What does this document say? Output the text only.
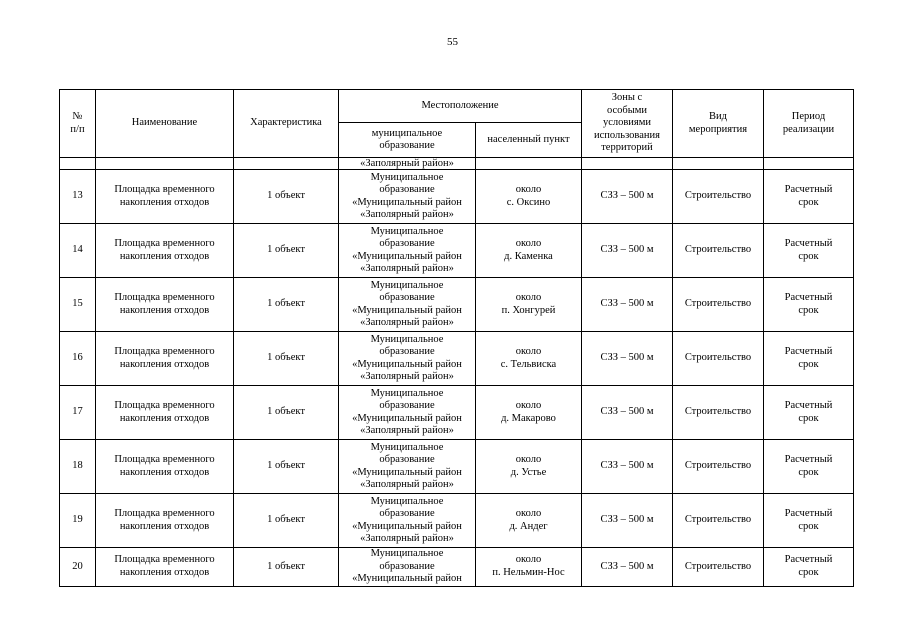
55
№
п/п	Наименование	Характеристика	Местоположение		Зоны с
особыми
условиями
использования
территорий	Вид
мероприятия	Период
реализации

			муниципальное
образование	населенный пункт			
			«Заполярный район»				
13	Площадка временного
накопления отходов	1 объект	Муниципальное
образование
«Муниципальный район
«Заполярный район»	около
с. Оксино	СЗЗ – 500 м	Строительство	Расчетный
срок

14	Площадка временного
накопления отходов	1 объект	Муниципальное
образование
«Муниципальный район
«Заполярный район»	около
д. Каменка	СЗЗ – 500 м	Строительство	Расчетный
срок

15	Площадка временного
накопления отходов	1 объект	Муниципальное
образование
«Муниципальный район
«Заполярный район»	около
п. Хонгурей	СЗЗ – 500 м	Строительство	Расчетный
срок

16	Площадка временного
накопления отходов	1 объект	Муниципальное
образование
«Муниципальный район
«Заполярный район»	около
с. Тельвиска	СЗЗ – 500 м	Строительство	Расчетный
срок

17	Площадка временного
накопления отходов	1 объект	Муниципальное
образование
«Муниципальный район
«Заполярный район»	около
д. Макарово	СЗЗ – 500 м	Строительство	Расчетный
срок

18	Площадка временного
накопления отходов	1 объект	Муниципальное
образование
«Муниципальный район
«Заполярный район»	около
д. Устье	СЗЗ – 500 м	Строительство	Расчетный
срок

19	Площадка временного
накопления отходов	1 объект	Муниципальное
образование
«Муниципальный район
«Заполярный район»	около
д. Андег	СЗЗ – 500 м	Строительство	Расчетный
срок

20	Площадка временного
накопления отходов	1 объект	Муниципальное
образование
«Муниципальный район	около
п. Нельмин-Нос	СЗЗ – 500 м	Строительство	Расчетный
срок
